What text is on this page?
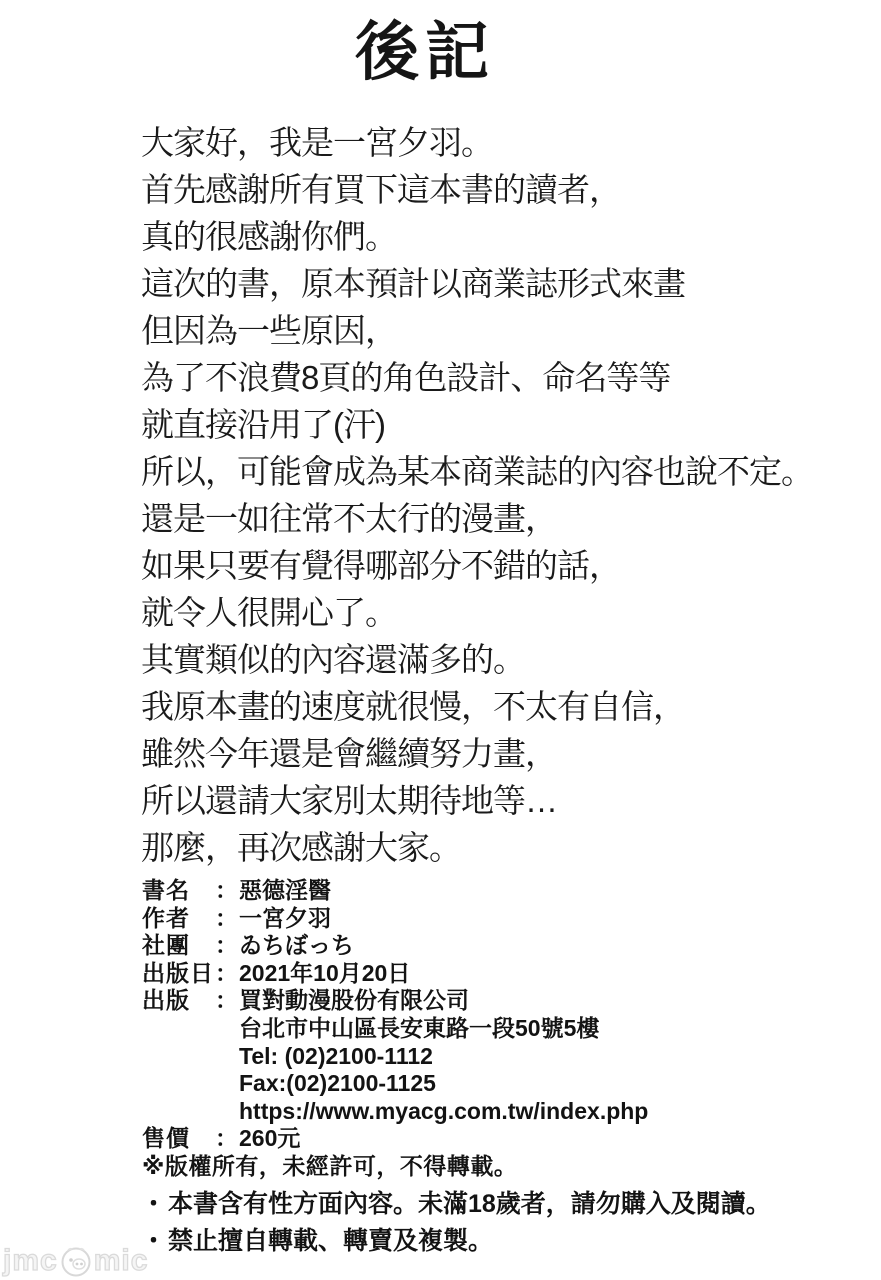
後記
大家好，我是一宮夕羽。
首先感謝所有買下這本書的讀者，
真的很感謝你們。
這次的書，原本預計以商業誌形式來畫
但因為一些原因，
為了不浪費8頁的角色設計、命名等等
就直接沿用了(汗)
所以，可能會成為某本商業誌的內容也說不定。
還是一如往常不太行的漫畫，
如果只要有覺得哪部分不錯的話，
就令人很開心了。
其實類似的內容還滿多的。
我原本畫的速度就很慢，不太有自信，
雖然今年還是會繼續努力畫，
所以還請大家別太期待地等…
那麼，再次感謝大家。
書名 ：惡德淫醫
作者 ：一宮夕羽
社團 ：ゐちぼっち
出版日：2021年10月20日
出版 ：買對動漫股份有限公司
台北市中山區長安東路一段50號5樓
Tel: (02)2100-1112
Fax:(02)2100-1125
https://www.myacg.com.tw/index.php
售價 ：260元
※版權所有，未經許可，不得轉載。
・本書含有性方面內容。未滿18歲者，請勿購入及閱讀。
・禁止擅自轉載、轉賣及複製。
jmc mic
